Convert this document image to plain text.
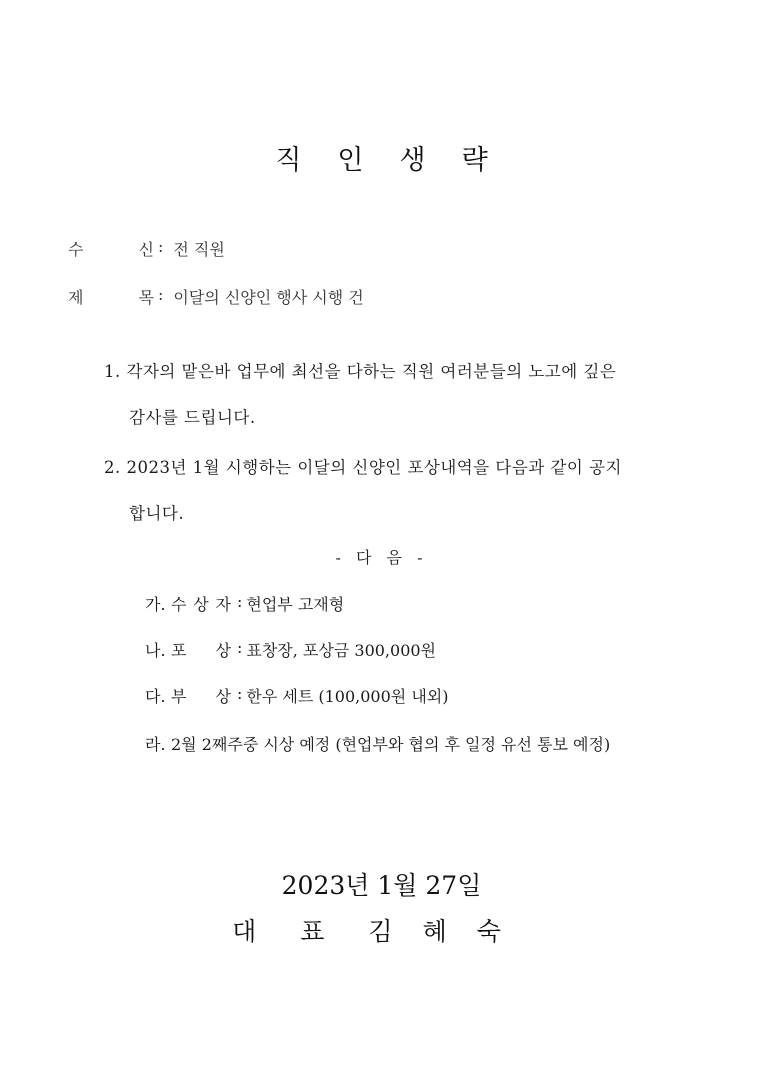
직인생략
수	신 : 전 직원
제	목 : 이달의 신양인 행사 시행 건
1. 각자의 맡은바 업무에 최선을 다하는 직원 여러분들의 노고에 깊은
감사를 드립니다.
2. 2023년 1월 시행하는 이달의 신양인 포상내역을 다음과 같이 공지
합니다.
- 다 음 -
가. 수 상 자 : 현업부 고재형
나. 포 상 : 표창장, 포상금 300,000원
다. 부 상 : 한우 세트 (100,000원 내외)
라. 2월 2째주중 시상 예정 (현업부와 협의 후 일정 유선 통보 예정)
2023년 1월 27일
대표김혜숙
